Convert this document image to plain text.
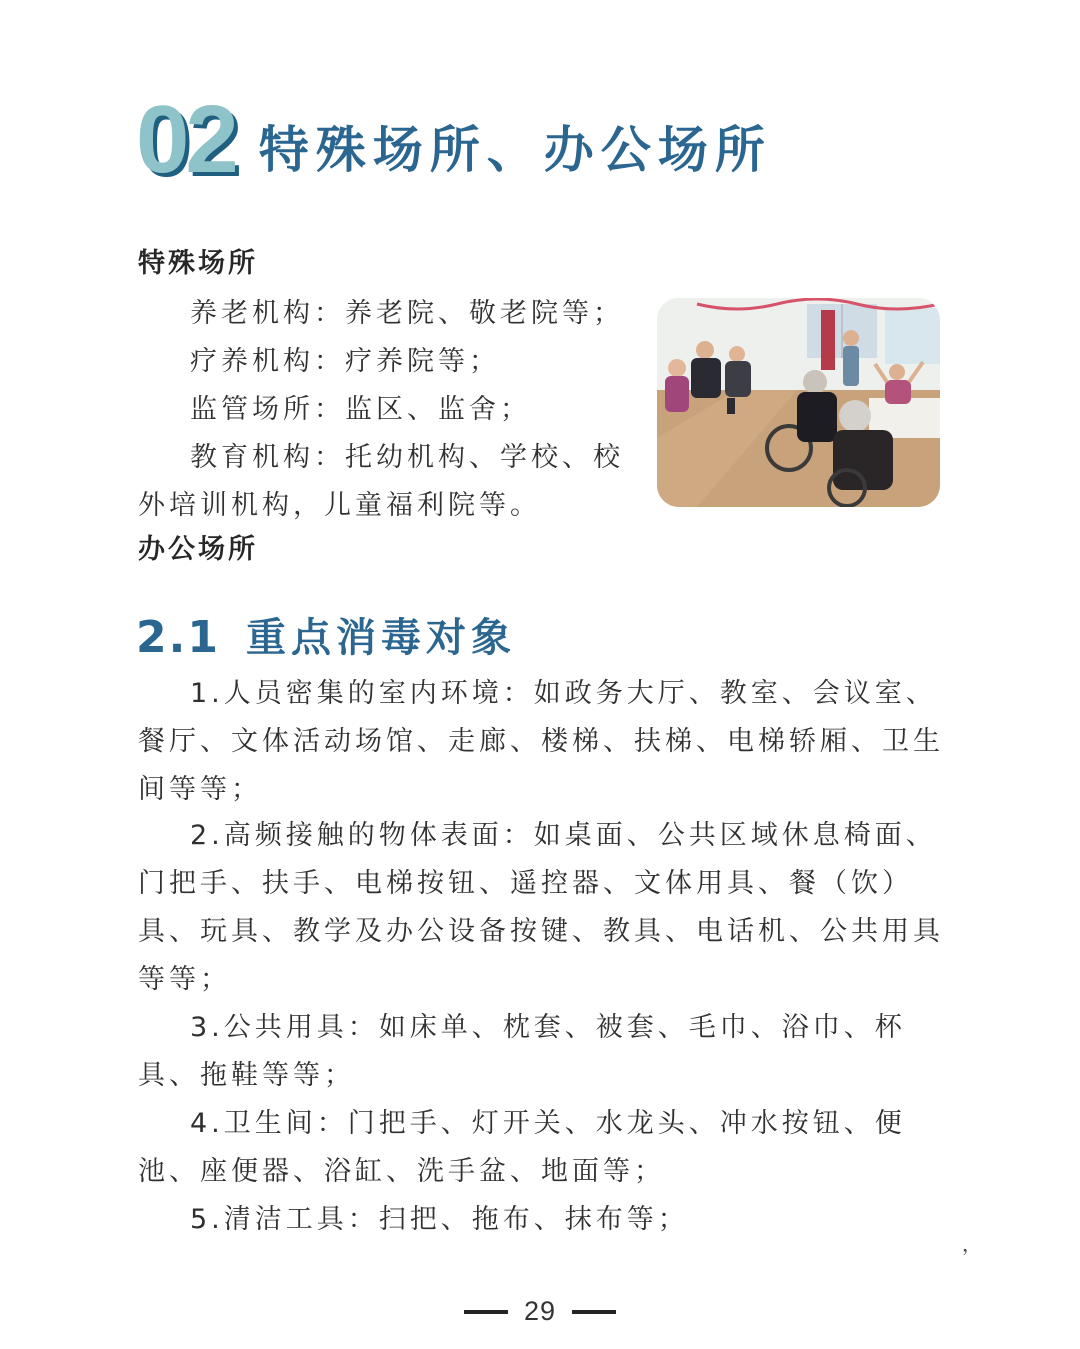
02 特殊场所、办公场所
特殊场所

养老机构：养老院、敬老院等；

疗养机构：疗养院等；

监管场所：监区、监舍；

教育机构：托幼机构、学校、校

外培训机构，儿童福利院等。

办公场所
2.1 重点消毒对象

1.人员密集的室内环境：如政务大厅、教室、会议室、餐厅、文体活动场馆、走廊、楼梯、扶梯、电梯轿厢、卫生间等等；

2.高频接触的物体表面：如桌面、公共区域休息椅面、门把手、扶手、电梯按钮、遥控器、文体用具、餐（饮）具、玩具、教学及办公设备按键、教具、电话机、公共用具等等；

3.公共用具：如床单、枕套、被套、毛巾、浴巾、杯具、拖鞋等等；

4.卫生间：门把手、灯开关、水龙头、冲水按钮、便池、座便器、浴缸、洗手盆、地面等；

5.清洁工具：扫把、拖布、抹布等；

，
29
